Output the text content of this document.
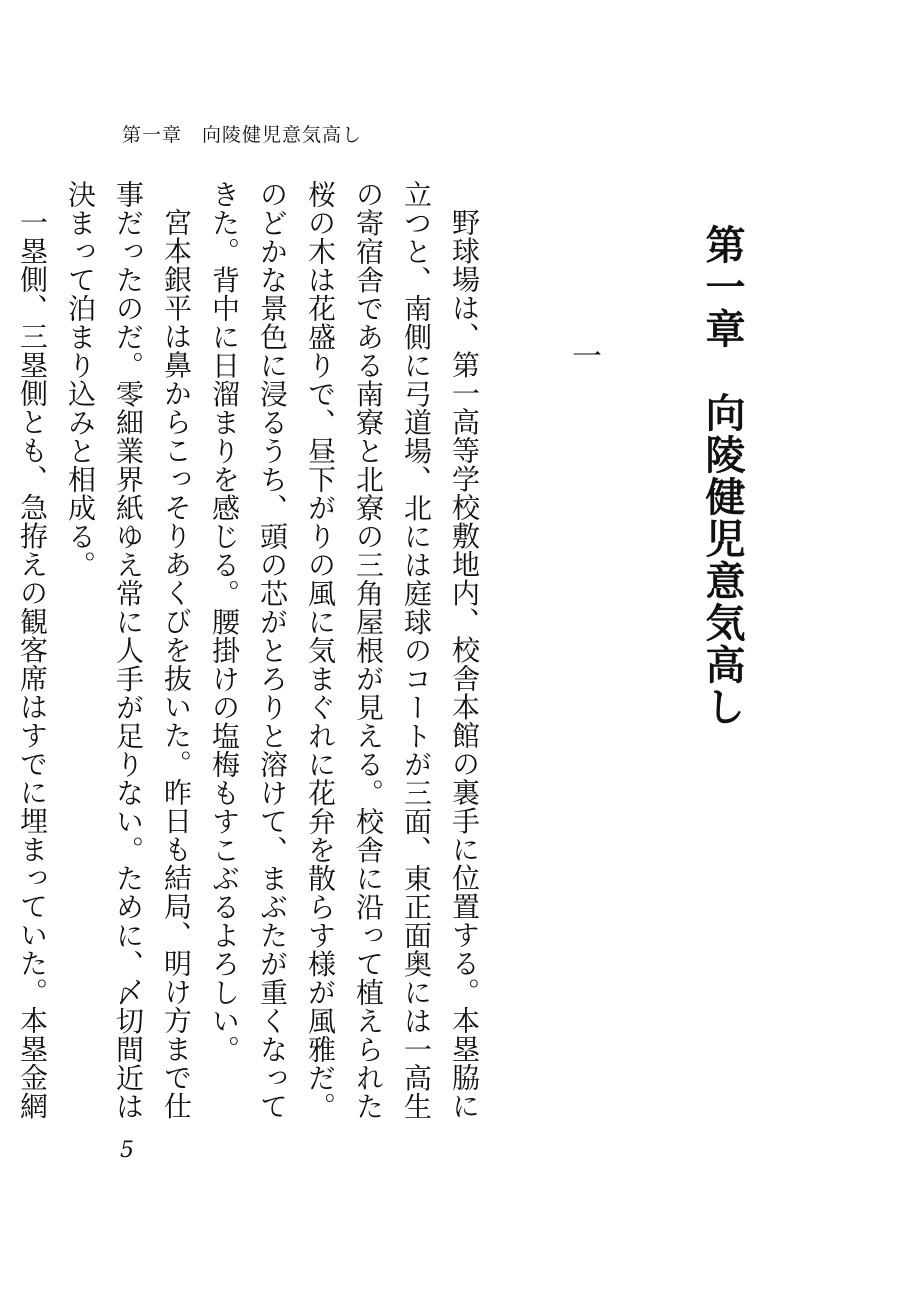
第一章　向陵健児意気高し
第一章　向陵健児意気高し
一

野球場は、第一高等学校敷地内、校舎本館の裏手に位置する。本塁脇に立つと、南側に弓道場、北には庭球のコートが三面、東正面奥には一高生の寄宿舎である南寮と北寮の三角屋根が見える。校舎に沿って植えられた桜の木は花盛りで、昼下がりの風に気まぐれに花弁を散らす様が風雅だ。のどかな景色に浸るうち、頭の芯がとろりと溶けて、まぶたが重くなってきた。背中に日溜まりを感じる。腰掛けの塩梅もすこぶるよろしい。

宮本銀平は鼻からこっそりあくびを抜いた。昨日も結局、明け方まで仕事だったのだ。零細業界紙ゆえ常に人手が足りない。ために、〆切間近は決まって泊まり込みと相成る。

一塁側、三塁側とも、急拵えの観客席はすでに埋まっていた。本塁金網

5
